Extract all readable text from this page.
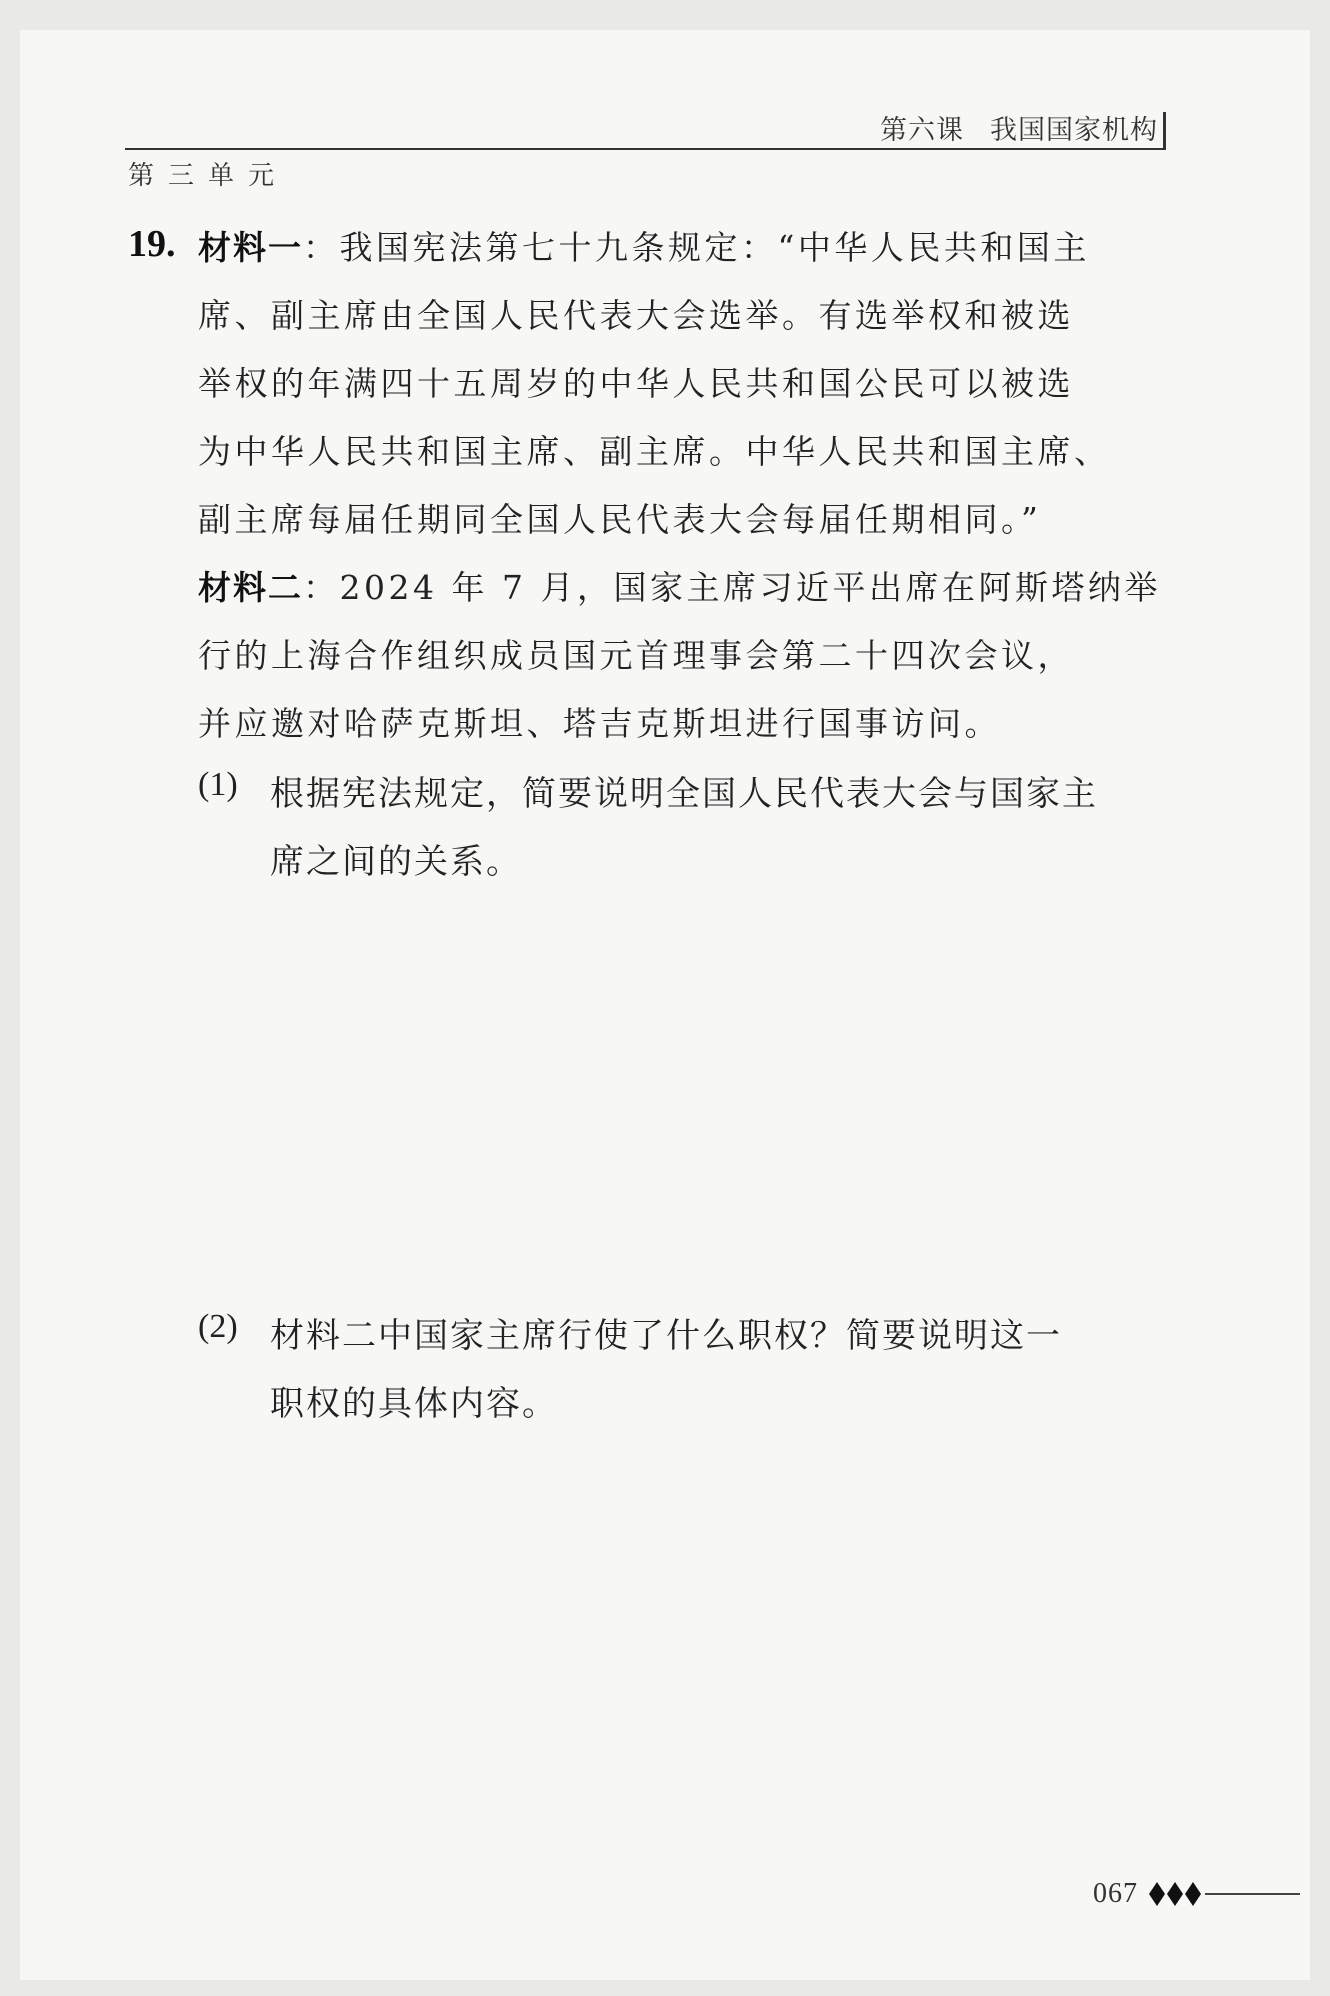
第六课 我国国家机构
第三单元
19. 材料一：我国宪法第七十九条规定：“中华人民共和国主
席、副主席由全国人民代表大会选举。有选举权和被选
举权的年满四十五周岁的中华人民共和国公民可以被选
为中华人民共和国主席、副主席。中华人民共和国主席、
副主席每届任期同全国人民代表大会每届任期相同。”
材料二：2024 年 7 月，国家主席习近平出席在阿斯塔纳举
行的上海合作组织成员国元首理事会第二十四次会议，
并应邀对哈萨克斯坦、塔吉克斯坦进行国事访问。
(1) 根据宪法规定，简要说明全国人民代表大会与国家主
席之间的关系。
(2) 材料二中国家主席行使了什么职权？简要说明这一
职权的具体内容。
067
